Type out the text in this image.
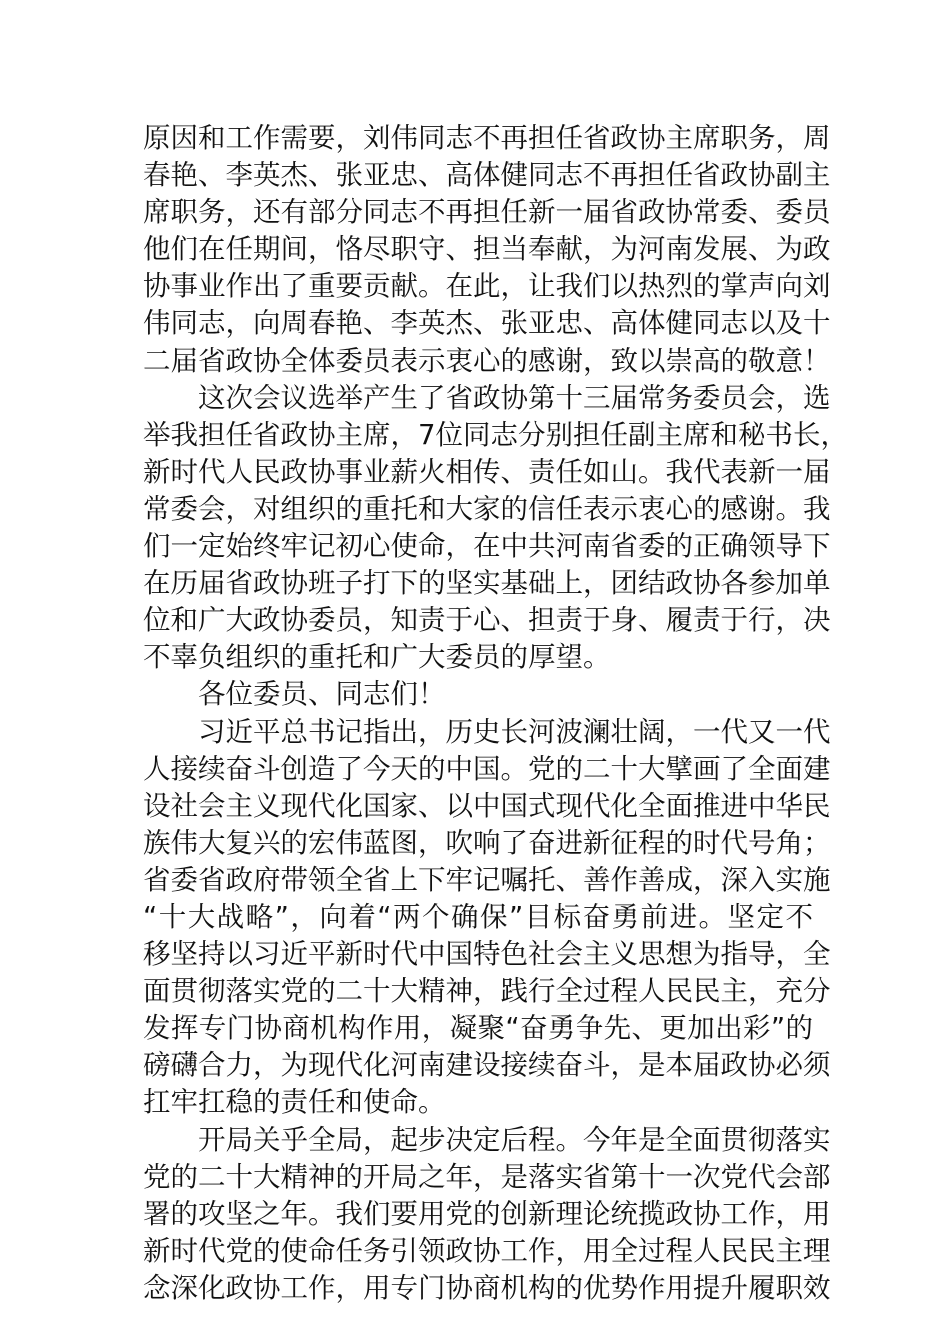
原因和工作需要，刘伟同志不再担任省政协主席职务，周
春艳、李英杰、张亚忠、高体健同志不再担任省政协副主
席职务，还有部分同志不再担任新一届省政协常委、委员
他们在任期间，恪尽职守、担当奉献，为河南发展、为政
协事业作出了重要贡献。在此，让我们以热烈的掌声向刘
伟同志，向周春艳、李英杰、张亚忠、高体健同志以及十
二届省政协全体委员表示衷心的感谢，致以崇高的敬意！
这次会议选举产生了省政协第十三届常务委员会，选
举我担任省政协主席，7位同志分别担任副主席和秘书长，
新时代人民政协事业薪火相传、责任如山。我代表新一届
常委会，对组织的重托和大家的信任表示衷心的感谢。我
们一定始终牢记初心使命，在中共河南省委的正确领导下
在历届省政协班子打下的坚实基础上，团结政协各参加单
位和广大政协委员，知责于心、担责于身、履责于行，决
不辜负组织的重托和广大委员的厚望。
各位委员、同志们！
习近平总书记指出，历史长河波澜壮阔，一代又一代
人接续奋斗创造了今天的中国。党的二十大擘画了全面建
设社会主义现代化国家、以中国式现代化全面推进中华民
族伟大复兴的宏伟蓝图，吹响了奋进新征程的时代号角；
省委省政府带领全省上下牢记嘱托、善作善成，深入实施
“十大战略”，向着“两个确保”目标奋勇前进。坚定不
移坚持以习近平新时代中国特色社会主义思想为指导，全
面贯彻落实党的二十大精神，践行全过程人民民主，充分
发挥专门协商机构作用，凝聚“奋勇争先、更加出彩”的
磅礴合力，为现代化河南建设接续奋斗，是本届政协必须
扛牢扛稳的责任和使命。
开局关乎全局，起步决定后程。今年是全面贯彻落实
党的二十大精神的开局之年，是落实省第十一次党代会部
署的攻坚之年。我们要用党的创新理论统揽政协工作，用
新时代党的使命任务引领政协工作，用全过程人民民主理
念深化政协工作，用专门协商机构的优势作用提升履职效
